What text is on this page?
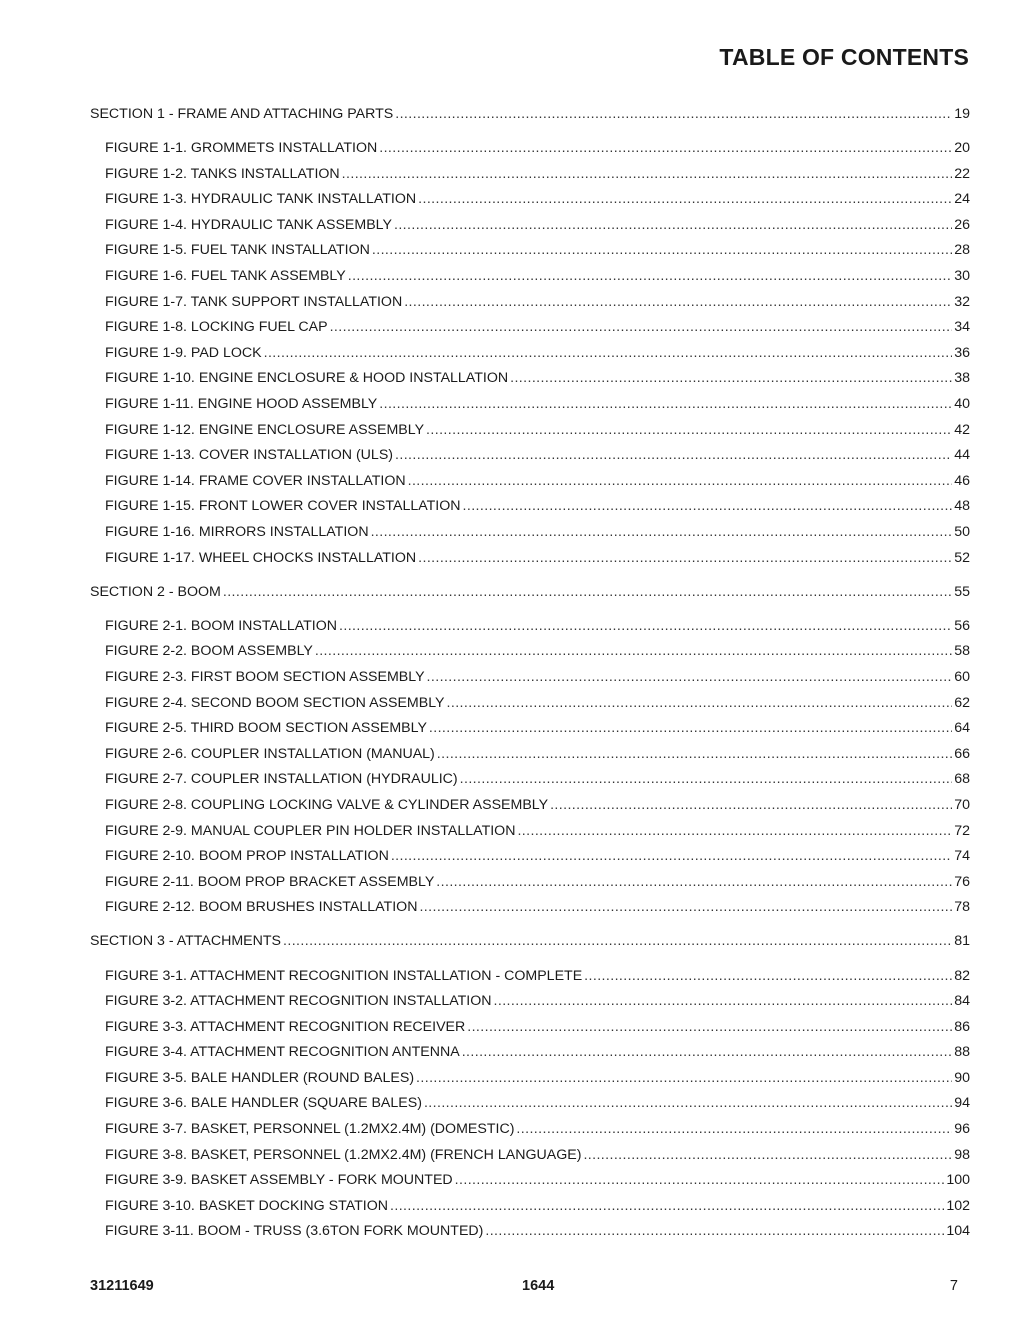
TABLE OF CONTENTS
SECTION 1 - FRAME AND ATTACHING PARTS .....	19
FIGURE 1-1. GROMMETS INSTALLATION .....	20
FIGURE 1-2. TANKS INSTALLATION .....	22
FIGURE 1-3. HYDRAULIC TANK INSTALLATION .....	24
FIGURE 1-4. HYDRAULIC TANK ASSEMBLY .....	26
FIGURE 1-5. FUEL TANK INSTALLATION .....	28
FIGURE 1-6. FUEL TANK ASSEMBLY .....	30
FIGURE 1-7. TANK SUPPORT INSTALLATION .....	32
FIGURE 1-8. LOCKING FUEL CAP .....	34
FIGURE 1-9. PAD LOCK .....	36
FIGURE 1-10. ENGINE ENCLOSURE & HOOD INSTALLATION .....	38
FIGURE 1-11. ENGINE HOOD ASSEMBLY .....	40
FIGURE 1-12. ENGINE ENCLOSURE ASSEMBLY .....	42
FIGURE 1-13. COVER INSTALLATION (ULS) .....	44
FIGURE 1-14. FRAME COVER INSTALLATION .....	46
FIGURE 1-15. FRONT LOWER COVER INSTALLATION .....	48
FIGURE 1-16. MIRRORS INSTALLATION .....	50
FIGURE 1-17. WHEEL CHOCKS INSTALLATION .....	52
SECTION 2 - BOOM .....	55
FIGURE 2-1. BOOM INSTALLATION .....	56
FIGURE 2-2. BOOM ASSEMBLY .....	58
FIGURE 2-3. FIRST BOOM SECTION ASSEMBLY .....	60
FIGURE 2-4. SECOND BOOM SECTION ASSEMBLY .....	62
FIGURE 2-5. THIRD BOOM SECTION ASSEMBLY .....	64
FIGURE 2-6. COUPLER INSTALLATION (MANUAL) .....	66
FIGURE 2-7. COUPLER INSTALLATION (HYDRAULIC) .....	68
FIGURE 2-8. COUPLING LOCKING VALVE & CYLINDER ASSEMBLY .....	70
FIGURE 2-9. MANUAL COUPLER PIN HOLDER INSTALLATION .....	72
FIGURE 2-10. BOOM PROP INSTALLATION .....	74
FIGURE 2-11. BOOM PROP BRACKET ASSEMBLY .....	76
FIGURE 2-12. BOOM BRUSHES INSTALLATION .....	78
SECTION 3 - ATTACHMENTS .....	81
FIGURE 3-1. ATTACHMENT RECOGNITION INSTALLATION - COMPLETE .....	82
FIGURE 3-2. ATTACHMENT RECOGNITION INSTALLATION .....	84
FIGURE 3-3. ATTACHMENT RECOGNITION RECEIVER .....	86
FIGURE 3-4. ATTACHMENT RECOGNITION ANTENNA .....	88
FIGURE 3-5. BALE HANDLER (ROUND BALES) .....	90
FIGURE 3-6. BALE HANDLER (SQUARE BALES) .....	94
FIGURE 3-7. BASKET, PERSONNEL (1.2MX2.4M) (DOMESTIC) .....	96
FIGURE 3-8. BASKET, PERSONNEL (1.2MX2.4M) (FRENCH LANGUAGE) .....	98
FIGURE 3-9. BASKET ASSEMBLY - FORK MOUNTED .....	100
FIGURE 3-10. BASKET DOCKING STATION .....	102
FIGURE 3-11. BOOM - TRUSS (3.6TON FORK MOUNTED) .....	104
31211649	1644	7
